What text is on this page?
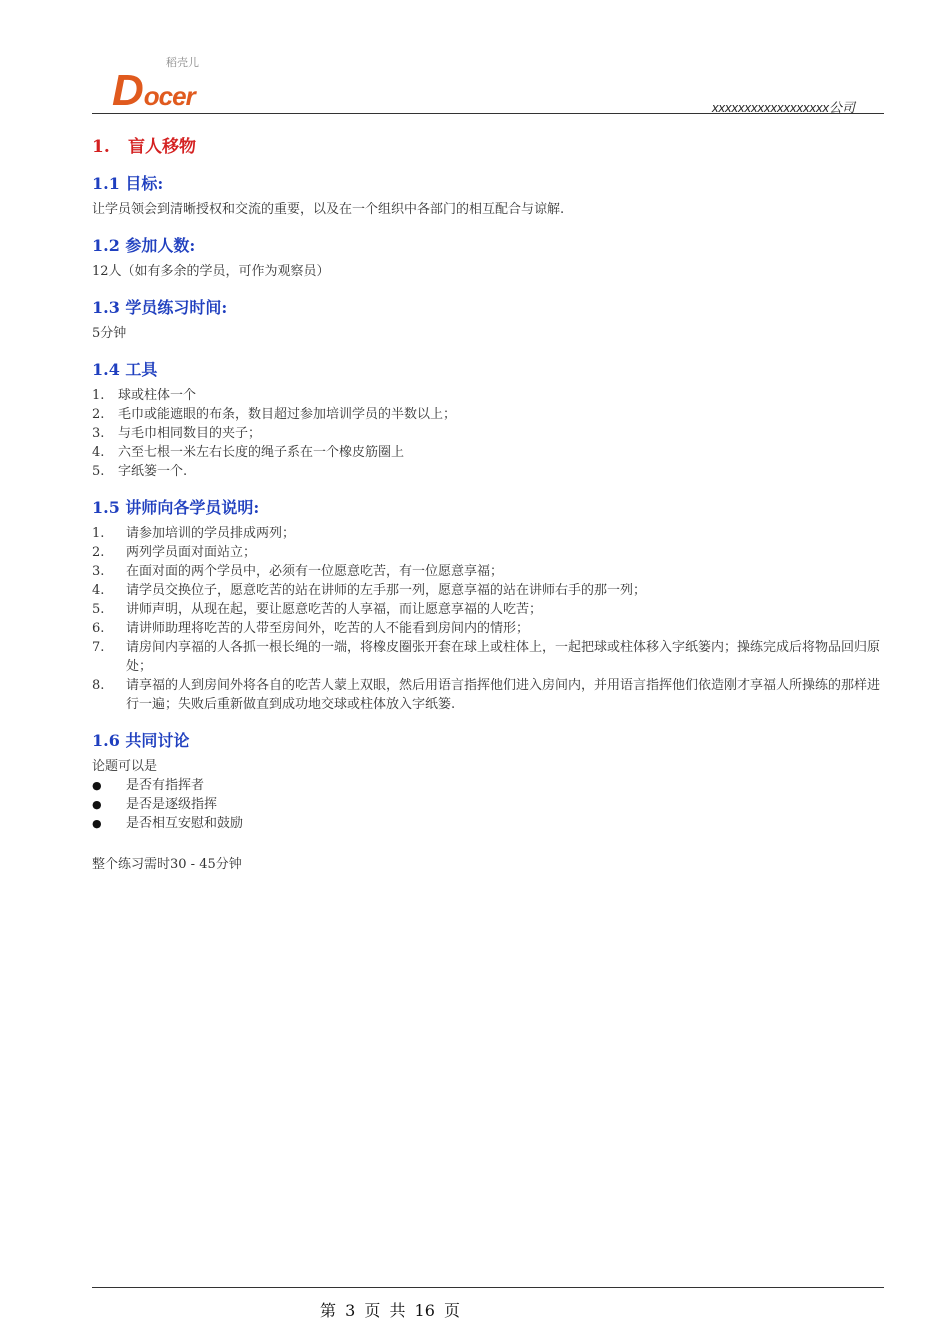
稻壳儿
Docer	xxxxxxxxxxxxxxxxxx公司
1. 盲人移物
1.1 目标:

让学员领会到清晰授权和交流的重要，以及在一个组织中各部门的相互配合与谅解.

1.2 参加人数:

12人（如有多余的学员，可作为观察员）

1.3 学员练习时间:

5分钟

1.4 工具
1.	球或柱体一个
2.	毛巾或能遮眼的布条，数目超过参加培训学员的半数以上；
3.	与毛巾相同数目的夹子；
4.	六至七根一米左右长度的绳子系在一个橡皮筋圈上
5.	字纸篓一个.
1.5 讲师向各学员说明:
1.	请参加培训的学员排成两列；
2.	两列学员面对面站立；
3.	在面对面的两个学员中，必须有一位愿意吃苦，有一位愿意享福；
4.	请学员交换位子，愿意吃苦的站在讲师的左手那一列，愿意享福的站在讲师右手的那一列；
5.	讲师声明，从现在起，要让愿意吃苦的人享福，而让愿意享福的人吃苦；
6.	请讲师助理将吃苦的人带至房间外，吃苦的人不能看到房间内的情形；
7.	请房间内享福的人各抓一根长绳的一端，将橡皮圈张开套在球上或柱体上，一起把球或柱体移入字纸篓内；操练完成后将物品回归原处；
8.	请享福的人到房间外将各自的吃苦人蒙上双眼，然后用语言指挥他们进入房间内，并用语言指挥他们依造刚才享福人所操练的那样进行一遍；失败后重新做直到成功地交球或柱体放入字纸篓.
1.6 共同讨论

论题可以是

●	是否有指挥者
●	是否是逐级指挥
●	是否相互安慰和鼓励

整个练习需时30 - 45分钟

第 3 页 共 16 页
